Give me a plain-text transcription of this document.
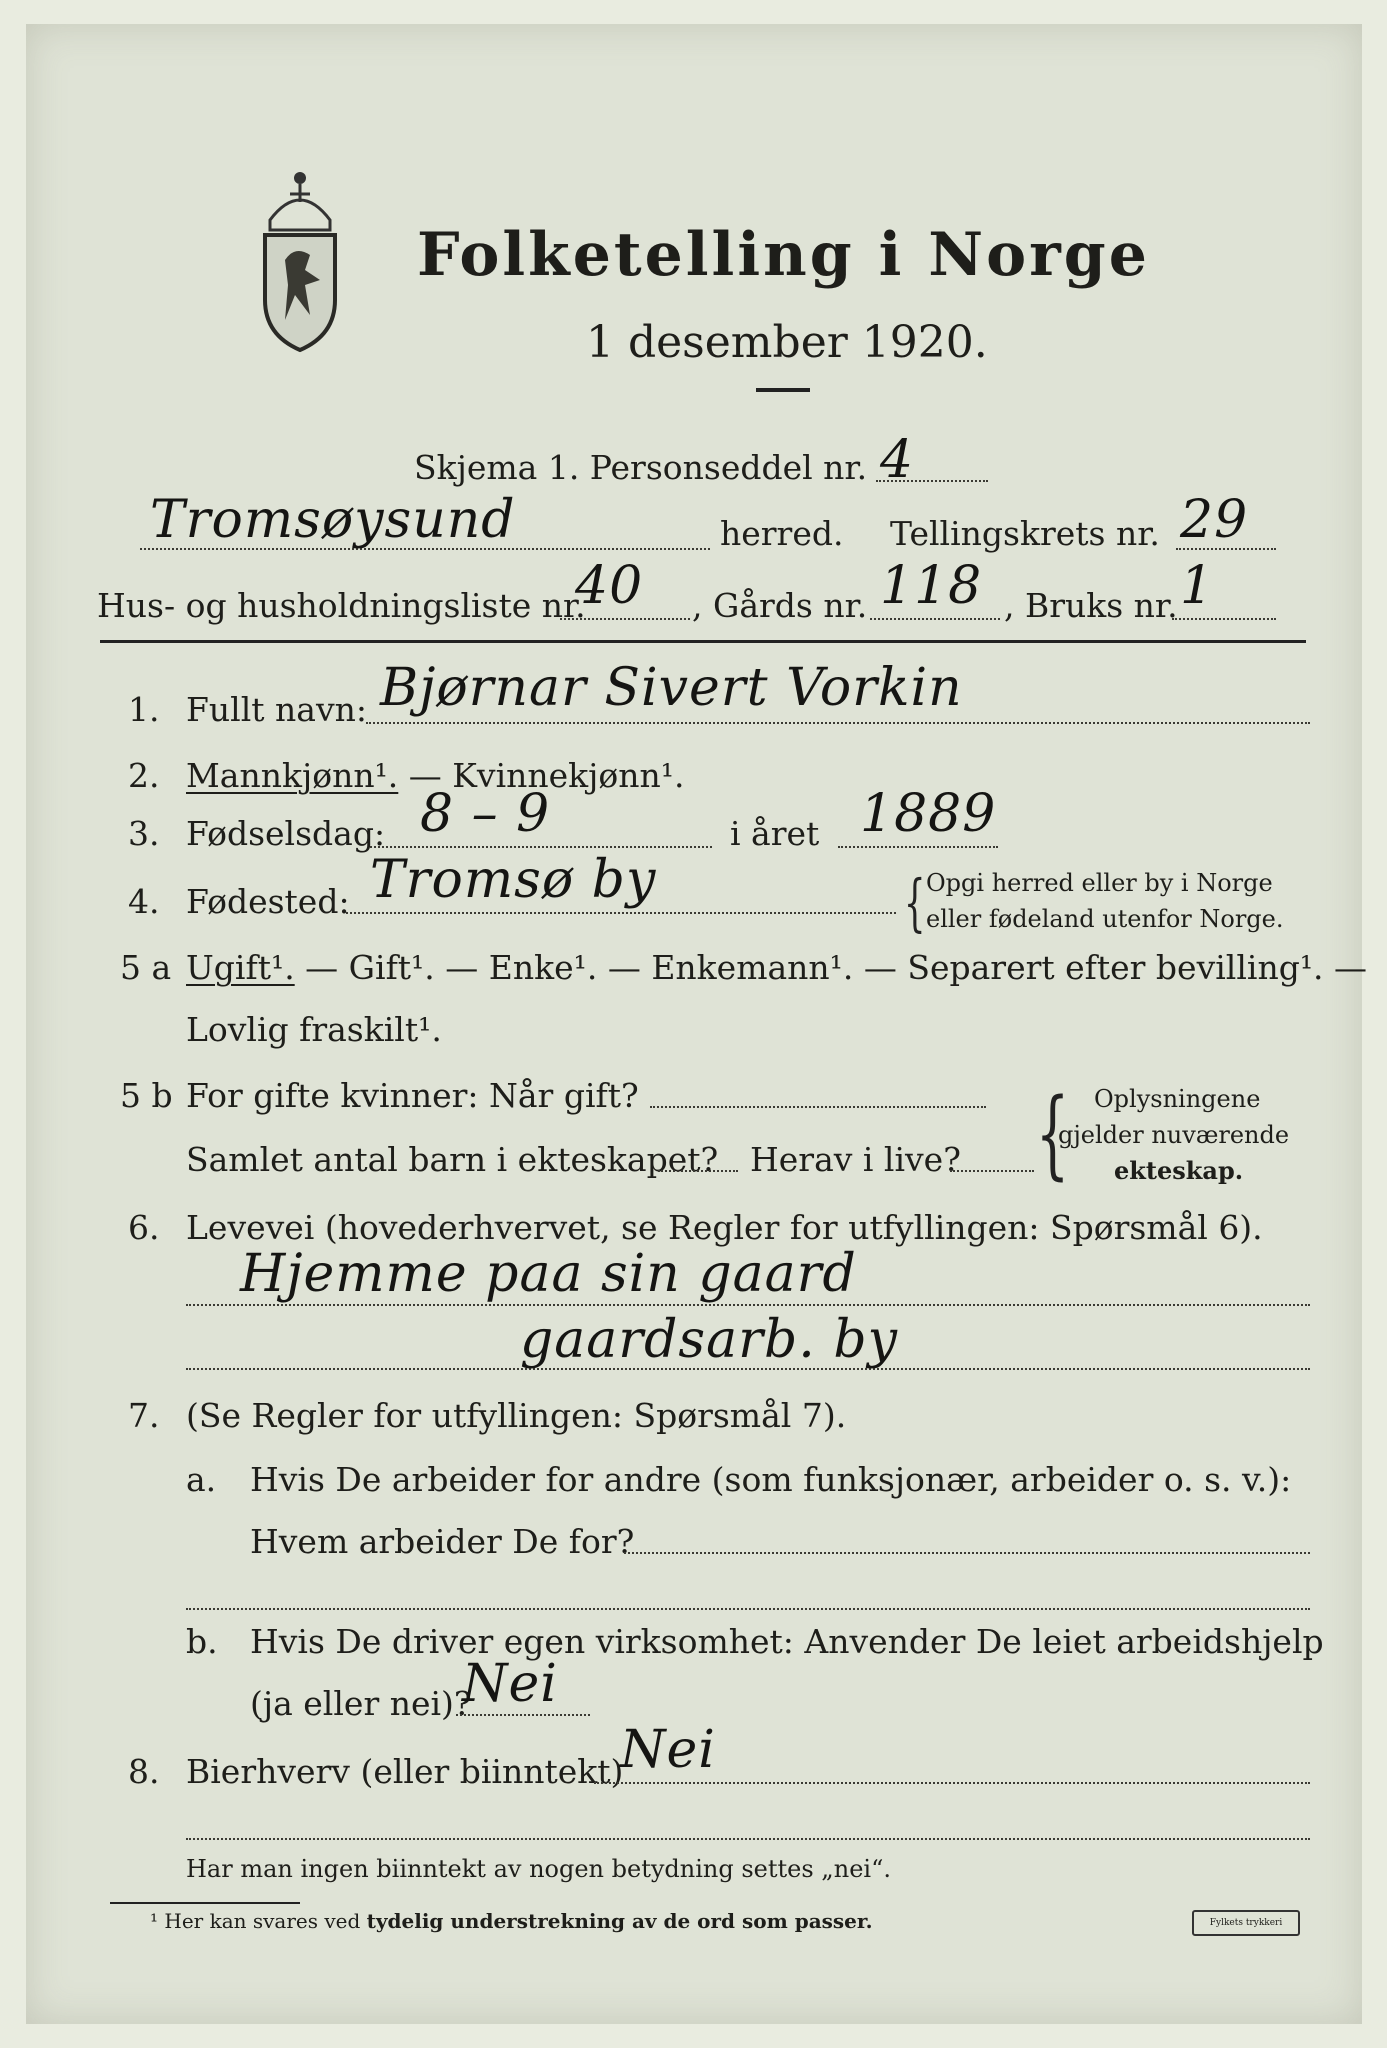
Folketelling i Norge
1 desember 1920.
Skjema 1. Personseddel nr. 4
Tromsøysund	herred. Tellingskrets nr. 29
Hus- og husholdningsliste nr.
40 , Gårds nr. 118 , Bruks nr. 1
1. Fullt navn: Bjørnar Sivert Vorkin
2. Mannkjønn¹. — Kvinnekjønn¹.
3. Fødselsdag: 8 – 9	i året 1889
4. Fødested: Tromsø by	{ Opgi herred eller by i Norge
eller fødeland utenfor Norge.
5 a Ugift¹. — Gift¹. — Enke¹. — Enkemann¹. — Separert efter bevilling¹. —
Lovlig fraskilt¹.
5 b For gifte kvinner: Når gift?
Samlet antal barn i ekteskapet? Herav i live? { Oplysningene
gjelder nuværende
ekteskap.
6. Levevei (hovederhvervet, se Regler for utfyllingen: Spørsmål 6).
Hjemme paa sin gaard
gaardsarb. by
7. (Se Regler for utfyllingen: Spørsmål 7).
a. Hvis De arbeider for andre (som funksjonær, arbeider o. s. v.):
Hvem arbeider De for?
b. Hvis De driver egen virksomhet: Anvender De leiet arbeidshjelp
(ja eller nei)?
Nei
8. Bierhverv (eller biinntekt)
Nei
Har man ingen biinntekt av nogen betydning settes „nei“.
¹ Her kan svares ved tydelig understrekning av de ord som passer.	Fylkets trykkeri
